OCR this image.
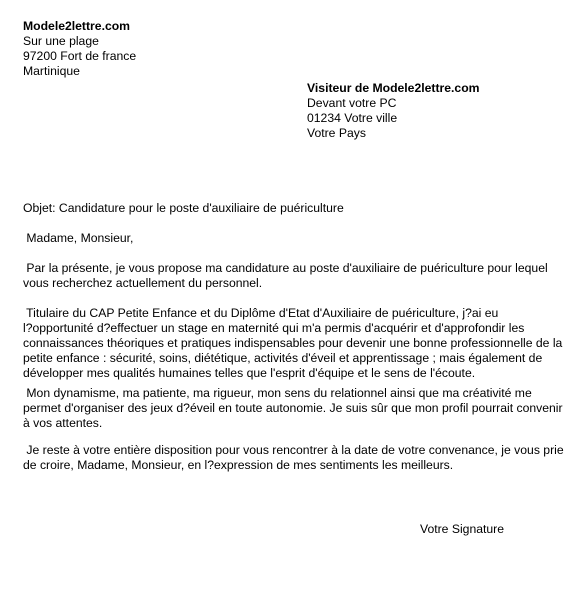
Modele2lettre.com
Sur une plage
97200 Fort de france
Martinique
Visiteur de Modele2lettre.com
Devant votre PC
01234 Votre ville
Votre Pays
Objet: Candidature pour le poste d'auxiliaire de puériculture
Madame, Monsieur,
Par la présente, je vous propose ma candidature au poste d'auxiliaire de puériculture pour lequel
vous recherchez actuellement du personnel.
Titulaire du CAP Petite Enfance et du Diplôme d'Etat d'Auxiliaire de puériculture, j?ai eu
l?opportunité d?effectuer un stage en maternité qui m'a permis d'acquérir et d'approfondir les
connaissances théoriques et pratiques indispensables pour devenir une bonne professionnelle de la
petite enfance : sécurité, soins, diététique, activités d'éveil et apprentissage ; mais également de
développer mes qualités humaines telles que l'esprit d'équipe et le sens de l'écoute.
Mon dynamisme, ma patiente, ma rigueur, mon sens du relationnel ainsi que ma créativité me
permet d'organiser des jeux d?éveil en toute autonomie. Je suis sûr que mon profil pourrait convenir
à vos attentes.
Je reste à votre entière disposition pour vous rencontrer à la date de votre convenance, je vous prie
de croire, Madame, Monsieur, en l?expression de mes sentiments les meilleurs.
Votre Signature
